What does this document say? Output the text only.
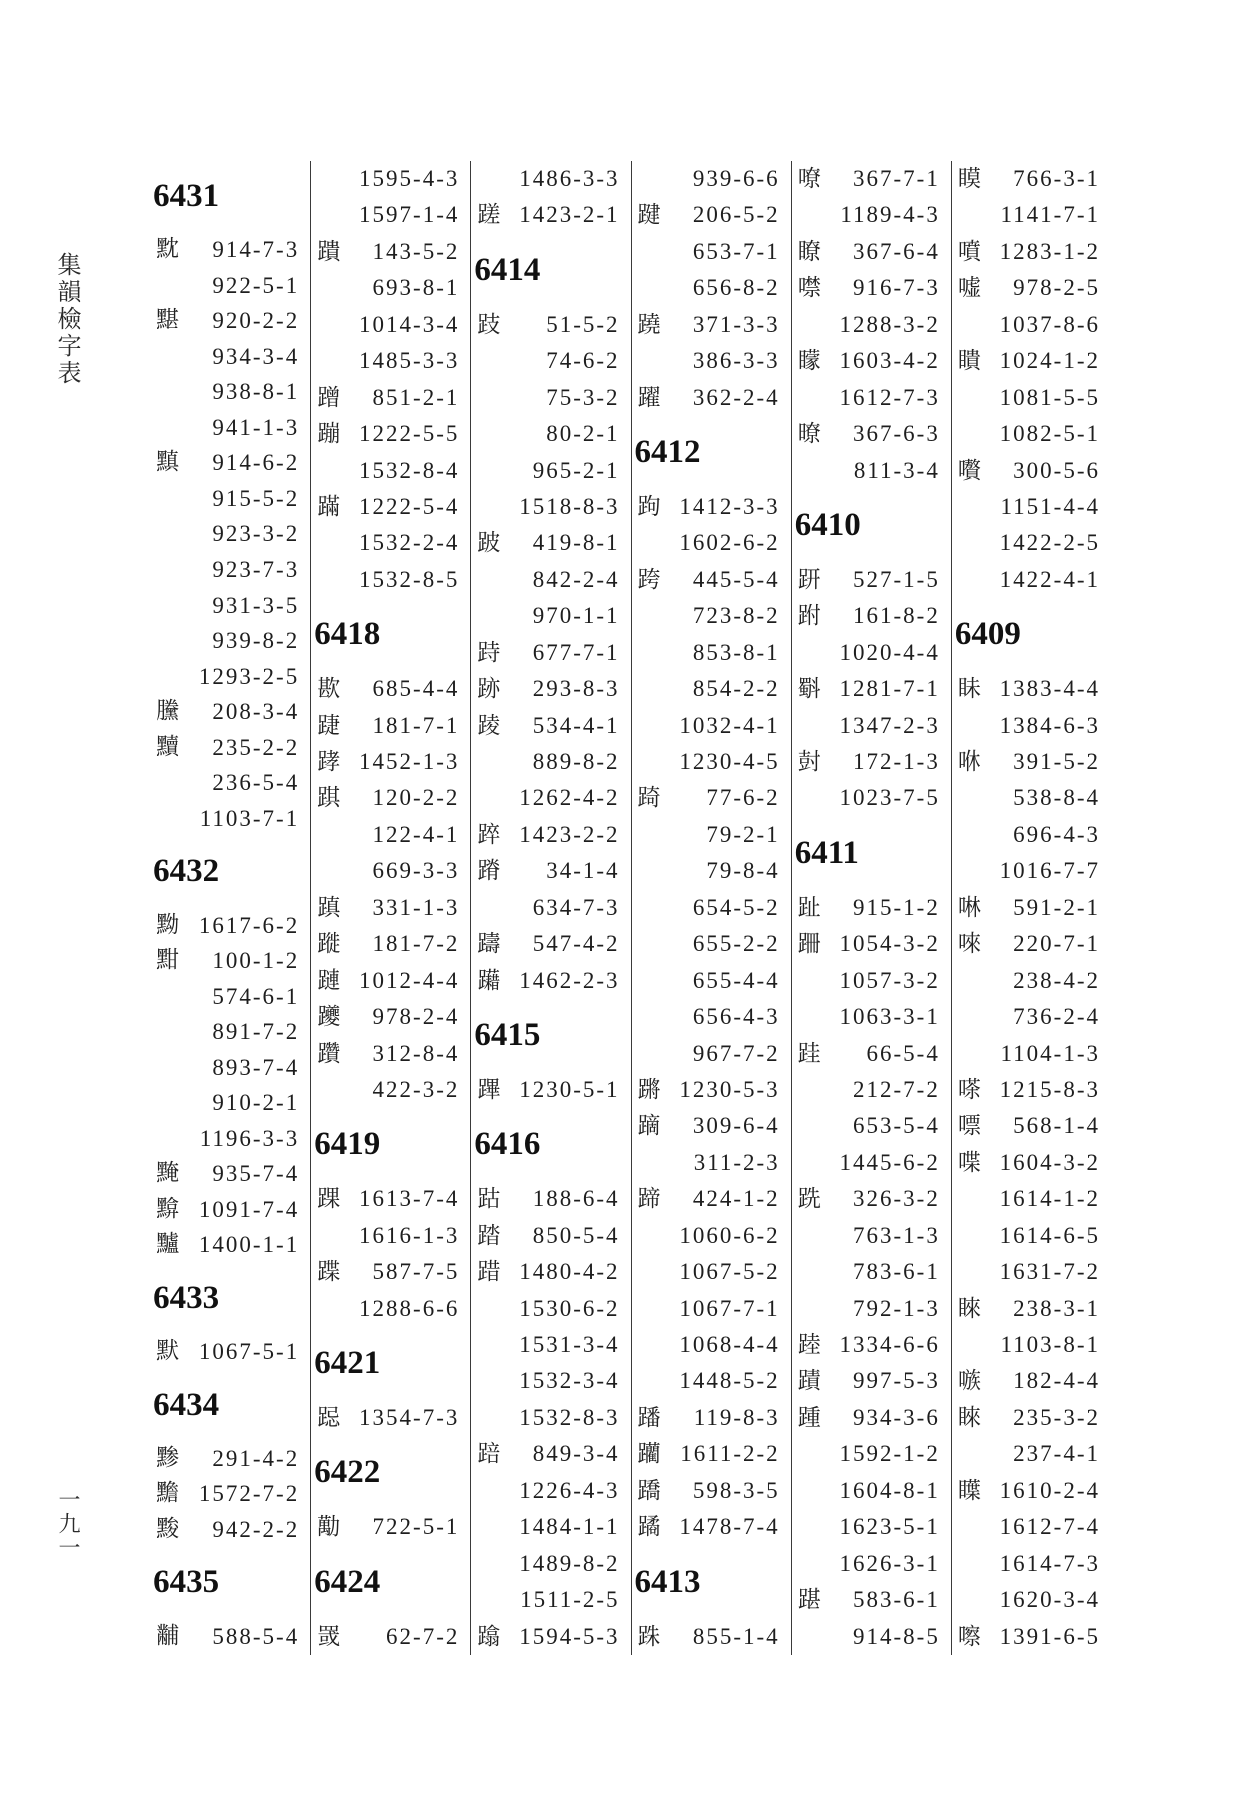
集韻檢字表
一九一
瞙 766-3-1
1141-7-1
噴 1283-1-2
嘘 978-2-5
1037-8-6
瞶 1024-1-2
1081-5-5
1082-5-1
嚽 300-5-6
1151-4-4
1422-2-5
1422-4-1
6409
眛 1383-4-4
1384-6-3
咻 391-5-2
538-8-4
696-4-3
1016-7-7
啉 591-2-1
唻 220-7-1
238-4-2
736-2-4
1104-1-3
嗏 1215-8-3
嘌 568-1-4
喋 1604-3-2
1614-1-2
1614-6-5
1631-7-2
睞 238-3-1
1103-8-1
嗾 182-4-4
睞 235-3-2
237-4-1
瞸 1610-2-4
1612-7-4
1614-7-3
1620-3-4
嚓 1391-6-5
嘹 367-7-1
1189-4-3
瞭 367-6-4
噤 916-7-3
1288-3-2
矇 1603-4-2
1612-7-3
暸 367-6-3
811-3-4
6410
趼 527-1-5
跗 161-8-2
1020-4-4
斣 1281-7-1
1347-2-3
尌 172-1-3
1023-7-5
6411
趾 915-1-2
跚 1054-3-2
1057-3-2
1063-3-1
跬 66-5-4
212-7-2
653-5-4
1445-6-2
跣 326-3-2
763-1-3
783-6-1
792-1-3
踛 1334-6-6
蹟 997-5-3
踵 934-3-6
1592-1-2
1604-8-1
1623-5-1
1626-3-1
踸 583-6-1
914-8-5
939-6-6
踺 206-5-2
653-7-1
656-8-2
蹺 371-3-3
386-3-3
躍 362-2-4
6412
跔 1412-3-3
1602-6-2
跨 445-5-4
723-8-2
853-8-1
854-2-2
1032-4-1
1230-4-5
踦 77-6-2
79-2-1
79-8-4
654-5-2
655-2-2
655-4-4
656-4-3
967-7-2
蹡 1230-5-3
蹢 309-6-4
311-2-3
蹄 424-1-2
1060-6-2
1067-5-2
1067-7-1
1068-4-4
1448-5-2
蹯 119-8-3
躪 1611-2-2
蹻 598-3-5
蹫 1478-7-4
6413
跦 855-1-4
1486-3-3
蹉 1423-2-1
6414
跂 51-5-2
74-6-2
75-3-2
80-2-1
965-2-1
1518-8-3
跛 419-8-1
842-2-4
970-1-1
跱 677-7-1
跡 293-8-3
踜 534-4-1
889-8-2
1262-4-2
踤 1423-2-2
蹐 34-1-4
634-7-3
躊 547-4-2
躤 1462-2-3
6415
蹕 1230-5-1
6416
跍 188-6-4
踏 850-5-4
踖 1480-4-2
1530-6-2
1531-3-4
1532-3-4
1532-8-3
踣 849-3-4
1226-4-3
1484-1-1
1489-8-2
1511-2-5
蹹 1594-5-3
1595-4-3
1597-1-4
蹪 143-5-2
693-8-1
1014-3-4
1485-3-3
蹭 851-2-1
蹦 1222-5-5
1532-8-4
蹣 1222-5-4
1532-2-4
1532-8-5
6418
歁 685-4-4
踕 181-7-1
踍 1452-1-3
踑 120-2-2
122-4-1
669-3-3
蹎 331-1-3
蹝 181-7-2
蹥 1012-4-4
躨 978-2-4
躦 312-8-4
422-3-2
6419
踝 1613-7-4
1616-1-3
蹀 587-7-5
1288-6-6
6421
跽 1354-7-3
6422
勱 722-5-1
6424
罭 62-7-2
6431
黕 914-7-3
922-5-1
黮 920-2-2
934-3-4
938-8-1
941-1-3
黰 914-6-2
915-5-2
923-3-2
923-7-3
931-3-5
939-8-2
1293-2-5
黱 208-3-4
黷 235-2-2
236-5-4
1103-7-1
6432
黝 1617-6-2
黚 100-1-2
574-6-1
891-7-2
893-7-4
910-2-1
1196-3-3
黤 935-7-4
黭 1091-7-4
黸 1400-1-1
6433
默 1067-5-1
6434
黪 291-4-2
黵 1572-7-2
黢 942-2-2
6435
黼 588-5-4
